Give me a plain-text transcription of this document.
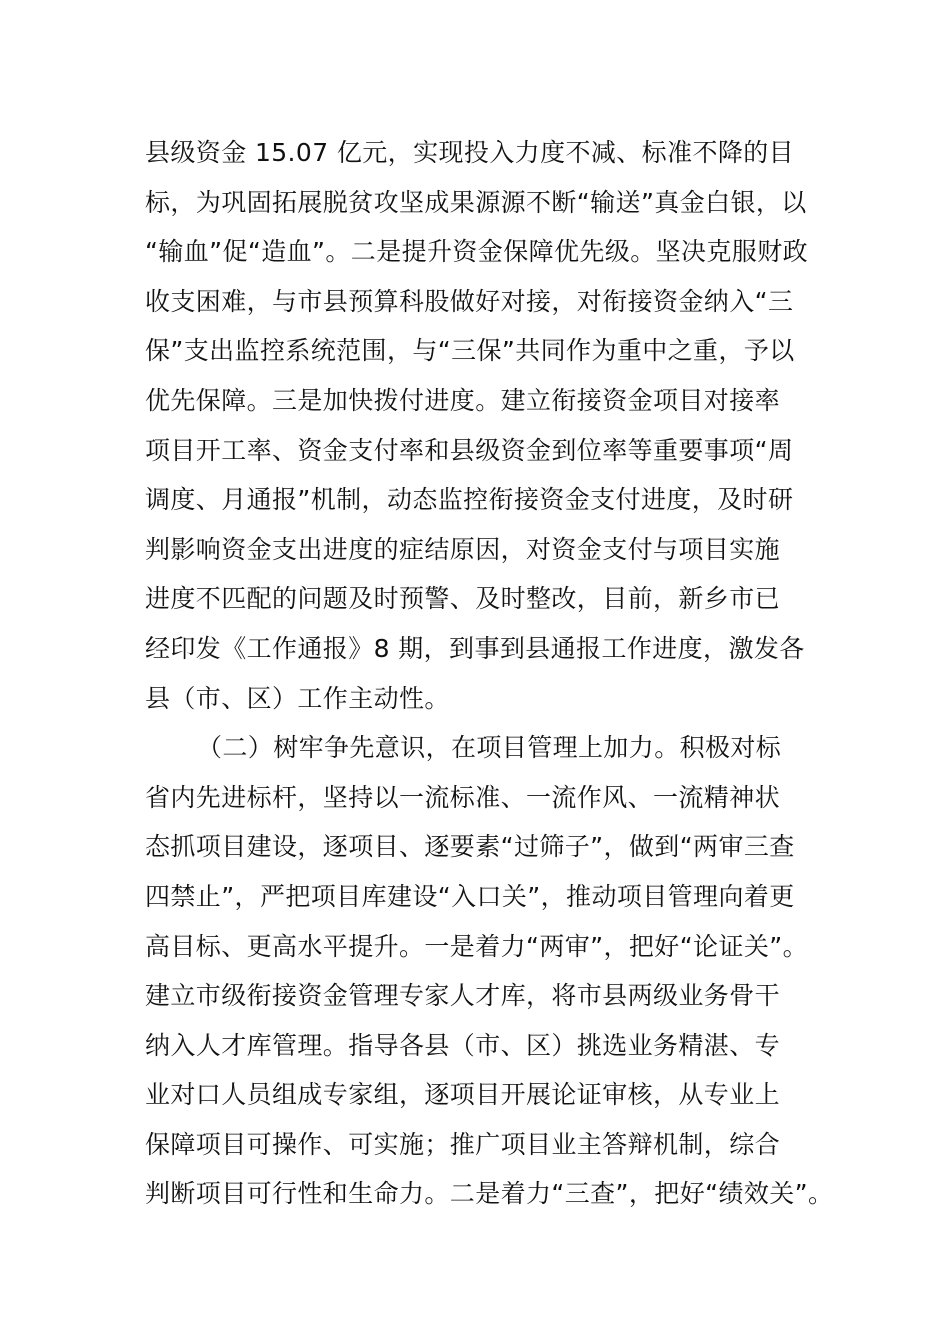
县级资金 15.07 亿元，实现投入力度不减、标准不降的目
标，为巩固拓展脱贫攻坚成果源源不断“输送”真金白银，以
“输血”促“造血”。二是提升资金保障优先级。坚决克服财政
收支困难，与市县预算科股做好对接，对衔接资金纳入“三
保”支出监控系统范围，与“三保”共同作为重中之重，予以
优先保障。三是加快拨付进度。建立衔接资金项目对接率
项目开工率、资金支付率和县级资金到位率等重要事项“周
调度、月通报”机制，动态监控衔接资金支付进度，及时研
判影响资金支出进度的症结原因，对资金支付与项目实施
进度不匹配的问题及时预警、及时整改，目前，新乡市已
经印发《工作通报》8 期，到事到县通报工作进度，激发各
县（市、区）工作主动性。
（二）树牢争先意识，在项目管理上加力。积极对标
省内先进标杆，坚持以一流标准、一流作风、一流精神状
态抓项目建设，逐项目、逐要素“过筛子”，做到“两审三查
四禁止”，严把项目库建设“入口关”，推动项目管理向着更
高目标、更高水平提升。一是着力“两审”，把好“论证关”。
建立市级衔接资金管理专家人才库，将市县两级业务骨干
纳入人才库管理。指导各县（市、区）挑选业务精湛、专
业对口人员组成专家组，逐项目开展论证审核，从专业上
保障项目可操作、可实施；推广项目业主答辩机制，综合
判断项目可行性和生命力。二是着力“三查”，把好“绩效关”。
